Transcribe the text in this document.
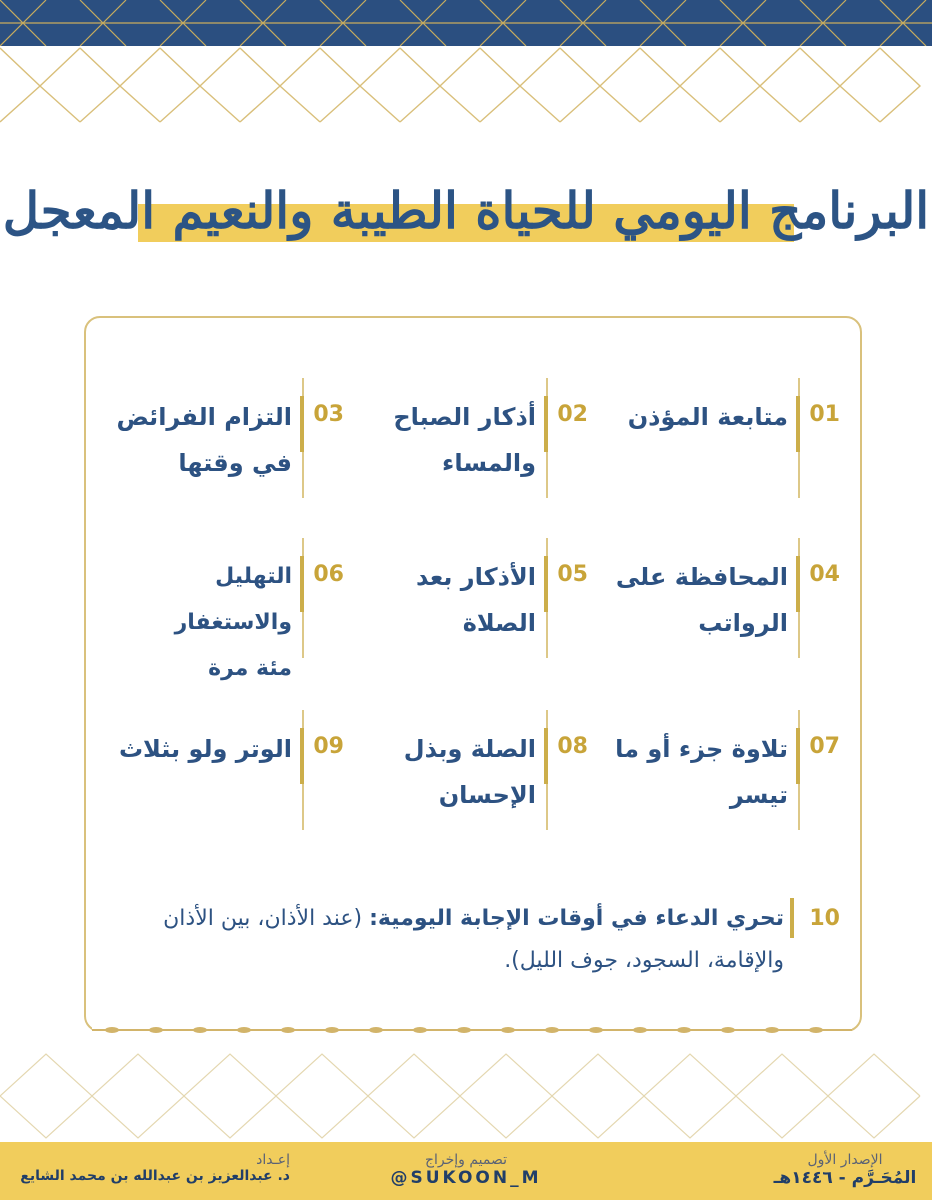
البرنامج اليومي للحياة الطيبة والنعيم المعجل
01
متابعة المؤذن
02
أذكار الصباح
والمساء
03
التزام الفرائض
في وقتها
04
المحافظة على
الرواتب
05
الأذكار بعد
الصلاة
06
التهليل والاستغفار
مئة مرة
07
تلاوة جزء أو ما
تيسر
08
الصلة وبذل
الإحسان
09
الوتر ولو بثلاث
10
تحري الدعاء في أوقات الإجابة اليومية: (عند الأذان، بين الأذان والإقامة، السجود، جوف الليل).
الإصدار الأول
المُحَـرَّم - ١٤٤٦هـ
تصميم وإخراج
@SUKOON_M
إعـداد
د. عبدالعزيز بن عبدالله بن محمد الشايع
